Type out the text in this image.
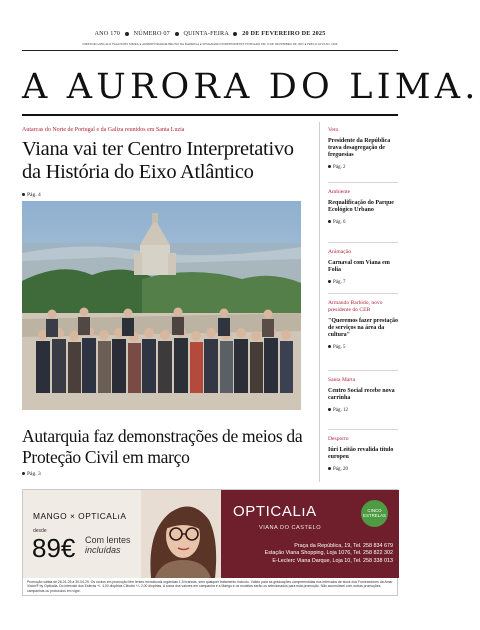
ANO 170 NÚMERO 07 QUINTA-FEIRA 20 DE FEVEREIRO DE 2025
DIRETOR GONÇALO FAGUNDES MEIRA ● ADMINISTRADOR BRUNO DA BARROSA ● SEMANÁRIO INDEPENDENTE FUNDADO EM 15 DE DEZEMBRO DE 1855 ● PREÇO AVULSO 1,00€
A AURORA DO LIMA.
Autarcas do Norte de Portugal e da Galiza reunidos em Santa Luzia
Viana vai ter Centro Interpretativo da História do Eixo Atlântico
Pág. 4
Autarquia faz demonstrações de meios da Proteção Civil em março
Pág. 3
Veto
Presidente da República trava desagregação de freguesias
Pág. 2
Ambiente
Requalificação do Parque Ecológico Urbano
Pág. 6
Animação
Carnaval com Viana em Folia
Pág. 7
Armando Barbido, novo presidente do CEB
"Queremos fazer prestação de serviços na área da cultura"
Pág. 5
Santa Marta
Centro Social recebe nova carrinha
Pág. 12
Desporto
Iúri Leitão revalida título europeu
Pág. 20
MANGO × OPTICALıA
desde
89€ Com lentes
incluídas
OPTICALıA
VIANA DO CASTELO
CINCO
ESTRELAS
Praça da República, 19, Tel. 258 834 679
Estação Viana Shopping, Loja 1076, Tel. 258 822 302
E-Leclerc Viana Darque, Loja 10, Tel. 258 338 013
Promoção válida de 26-01-25 a 30-04-25. Os óculos em promoção têm lentes monofocais orgânicas 1,5 brancas, sem qualquer tratamento incluído. Válido para as graduações compreendidas nos intervalos de stock dos Fornecedores da Amar Vision® by Opticalia. Do intervalo dos Esferas +/- 4,00 dioptrias Cilindro +/- 2,00 dioptrias. A soma dos valores em campanha e a Mango e os modelos serão os selecionados para esta promoção. Não acumulável com outras promoções, campanhas ou protocolos em vigor.
